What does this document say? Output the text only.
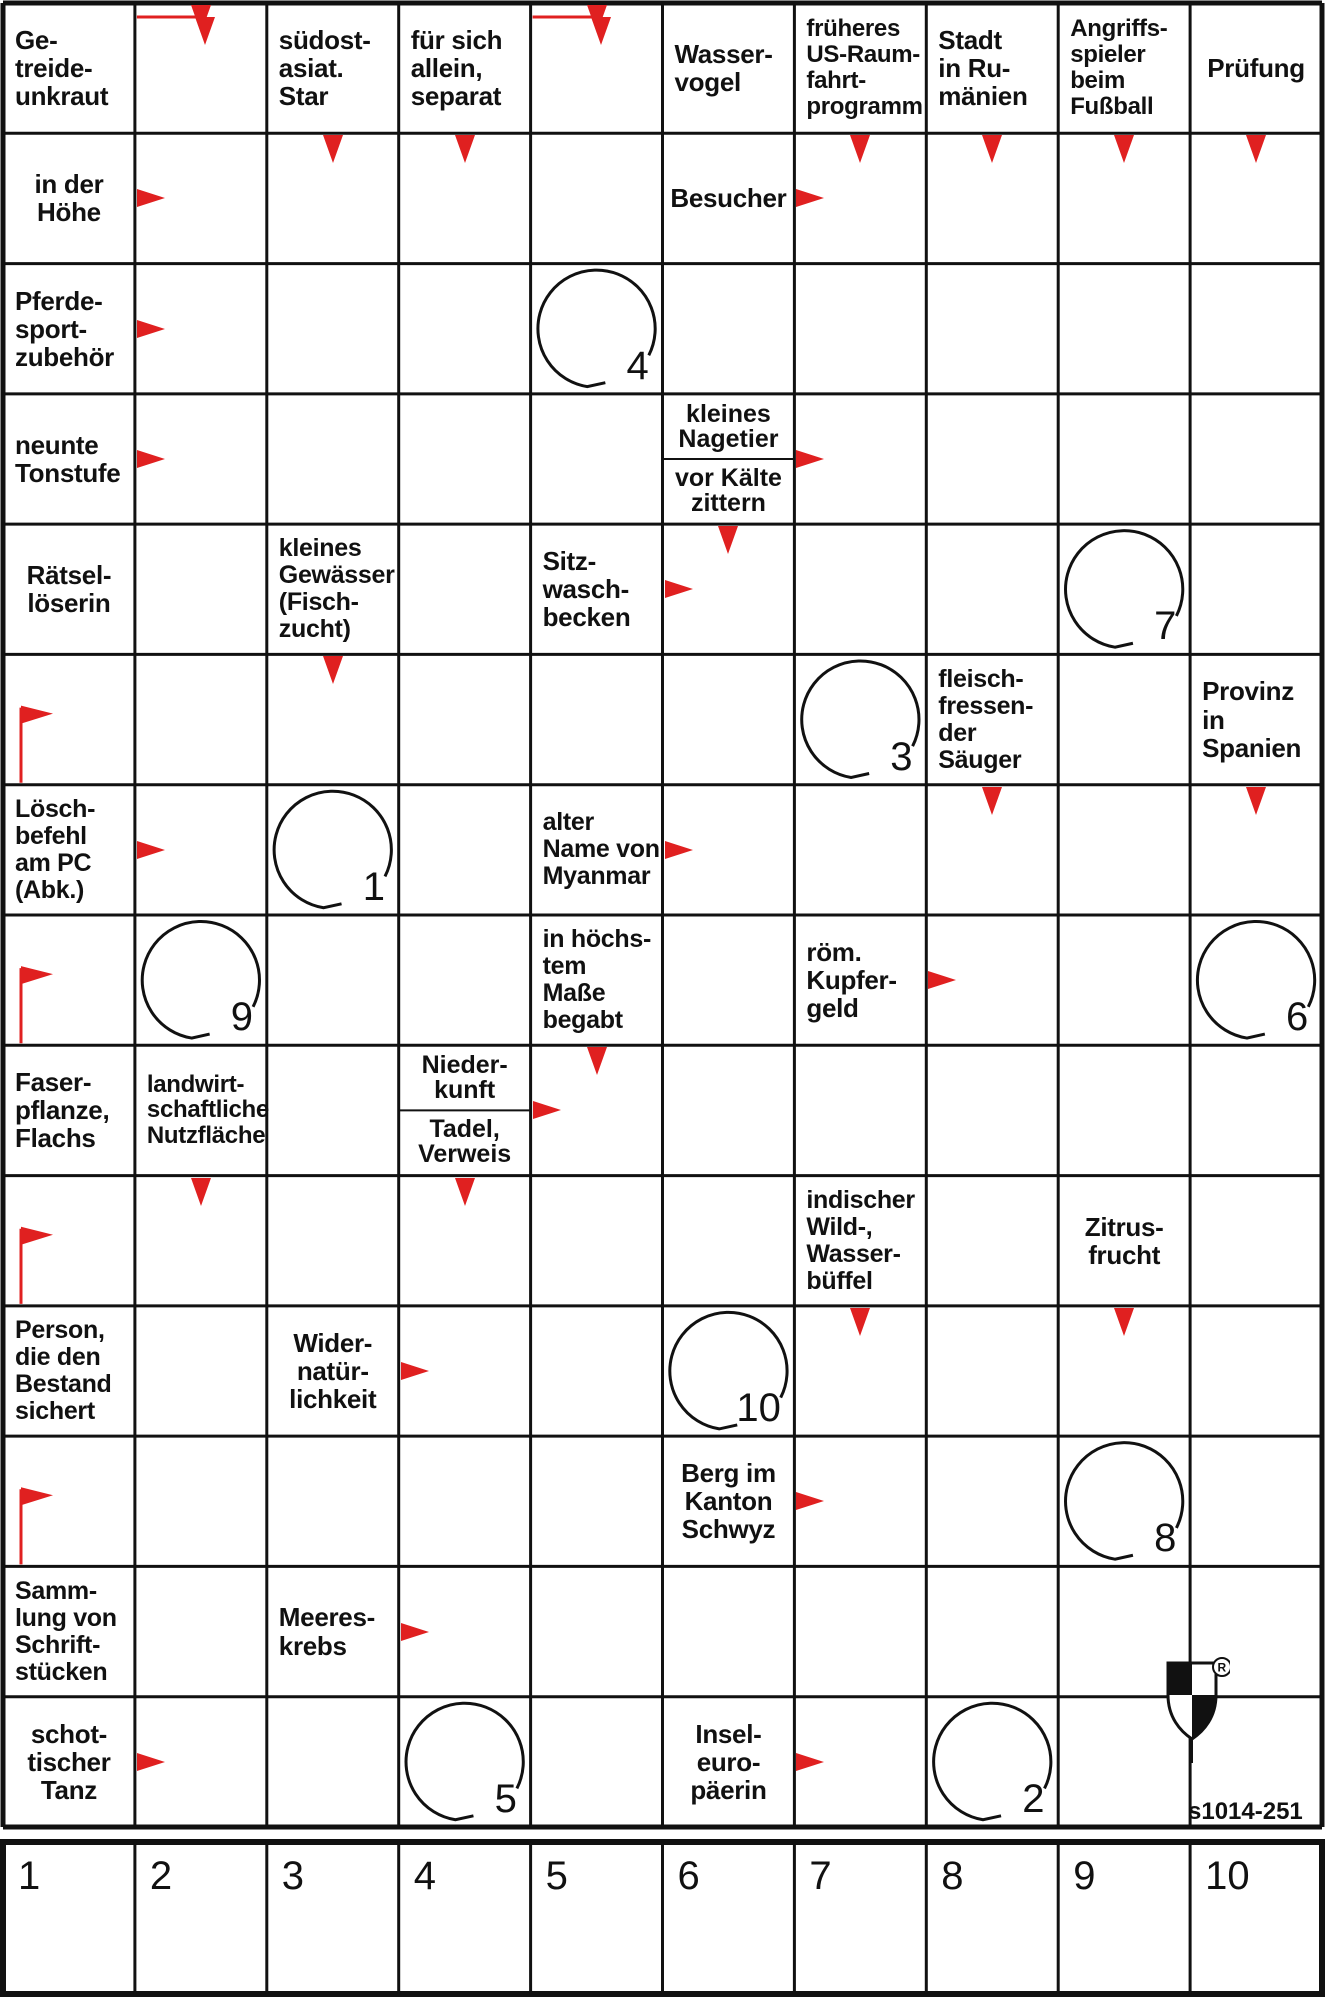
Ge-
treide-
unkraut
südost-
asiat.
Star
für sich
allein,
separat
Wasser-
vogel
früheres
US-Raum-
fahrt-
programm
Stadt
in Ru-
mänien
Angriffs-
spieler
beim
Fußball
Prüfung
in der
Höhe	Besucher
Pferde-
sport-
zubehör
neunte
Tonstufe
Rätsel-
löserin
kleines
Gewässer
(Fisch-
zucht)
Sitz-
wasch-
becken
fleisch-
fressen-
der
Säuger
Provinz
in
Spanien
Lösch-
befehl
am PC
(Abk.)
alter
Name von
Myanmar
in höchs-
tem
Maße
begabt
röm.
Kupfer-
geld
Faser-
pflanze,
Flachs
landwirt-
schaftliche
Nutzfläche
indischer
Wild-,
Wasser-
büffel
Zitrus-
frucht
Person,
die den
Bestand
sichert
Wider-
natür-
lichkeit
Berg im
Kanton
Schwyz
Samm-
lung von
Schrift-
stücken
Meeres-
krebs
schot-
tischer
Tanz
Insel-
euro-
päerin
kleines
Nagetier
vor Kälte
zittern
Nieder-
kunft
Tadel,
Verweis
4
7
3
1
9	6
10
8
5	2	s1014-251
R
1	2	3	4	5	6	7	8	9	10
